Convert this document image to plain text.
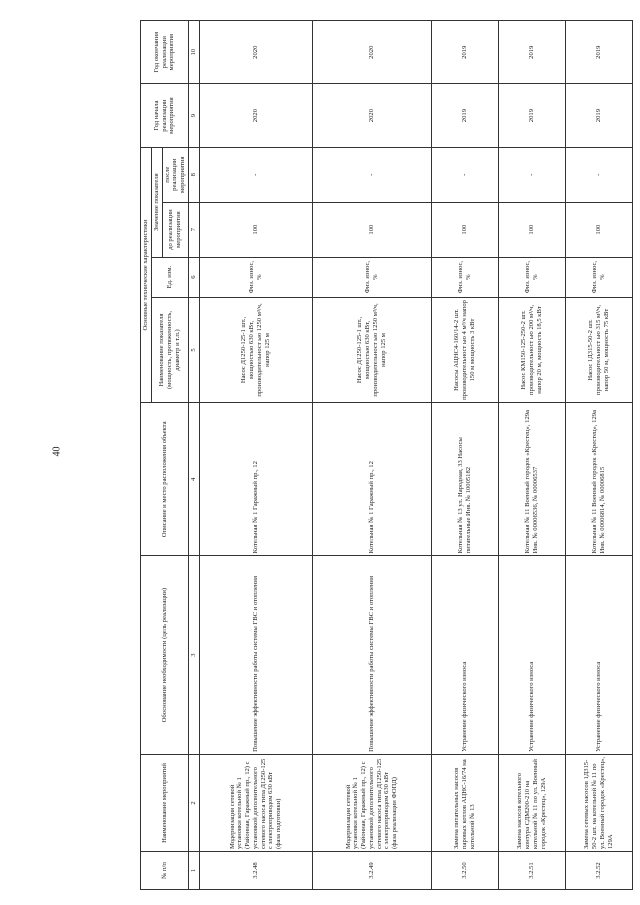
40
№ п/п	Наименование мероприятий	Обоснование необходимости (цель реализации)	Описание и место расположения объекта	Основные технические характеристики				Год начала реализации мероприятия	Год окончания реализации мероприятия
				Наименование показателя (мощность, протяженность, диаметр и т.п.)	Ед. изм.	Значение показателя			
						до реализации мероприятия	после реализации мероприятия		
1	2	3	4	5	6	7	8	9	10
3.2.48	Модернизация сетевой установки котельной № 1 (Районная, Гаражный пр., 12) с установкой дополнительного сетевого насоса типа Д1250-125 с электроприводом 630 кВт (фаза подготовки)	Повышение эффективности работы системы ГВС и отопления	Котельная № 1 Гаражный пр., 12	Насос Д1250-125-1 шт., мощностью 630 кВт, производительност ью 1250 м³/ч, напор 125 м	Физ. износ, %	100	-	2020	2020
3.2.49	Модернизация сетевой установки котельной № 1 (Районная, Гаражный пр., 12) с установкой дополнительного сетевого насоса типа Д1250-125 с электроприводом 630 кВт (фаза реализации ФОПД)	Повышение эффективности работы системы ГВС и отопления	Котельная № 1 Гаражный пр., 12	Насос Д1250-125-1 шт., мощностью 630 кВт, производительност ью 1250 м³/ч, напор 125 м	Физ. износ, %	100	-	2020	2020
3.2.50	Замена питательных насосов паровых котлов АЦНС-16/74 на котельной № 13	Устранение физического износа	Котельная № 13 ул. Народная, 33 Насосы питательные Инв. № 10005182	Насосы АЦНС4-160/14-2 шт. производительност ью 4 м³/ч напор 150 м мощность 3 кВт	Физ. износ, %	100	-	2019	2019
3.2.51	Замена насосов котельного контура СДМ200-210 на котельной № 11 по ул. Военный городок «Крестец», 129А	Устранение физического износа	Котельная № 11 Военный городок «Крестец», 129а Инв. № 00006536, № 00006537	Насос КМ150-125-250-2 шт. производительност ью 200 м³/ч, напор 20 м, мощность 18,5 кВт	Физ. износ, %	100	-	2019	2019
3.2.52	Замена сетевых насосов 1Д315-50-2 шт. на котельной № 11 по ул. Военный городок «Крестец», 129А	Устранение физического износа	Котельная № 11 Военный городок «Крестец», 129а Инв. № 00006814, № 00006815	Насос 1Д315-50-2 шт. производительност ью 315 м³/ч, напор 50 м, мощность 75 кВт	Физ. износ, %	100	-	2019	2019
